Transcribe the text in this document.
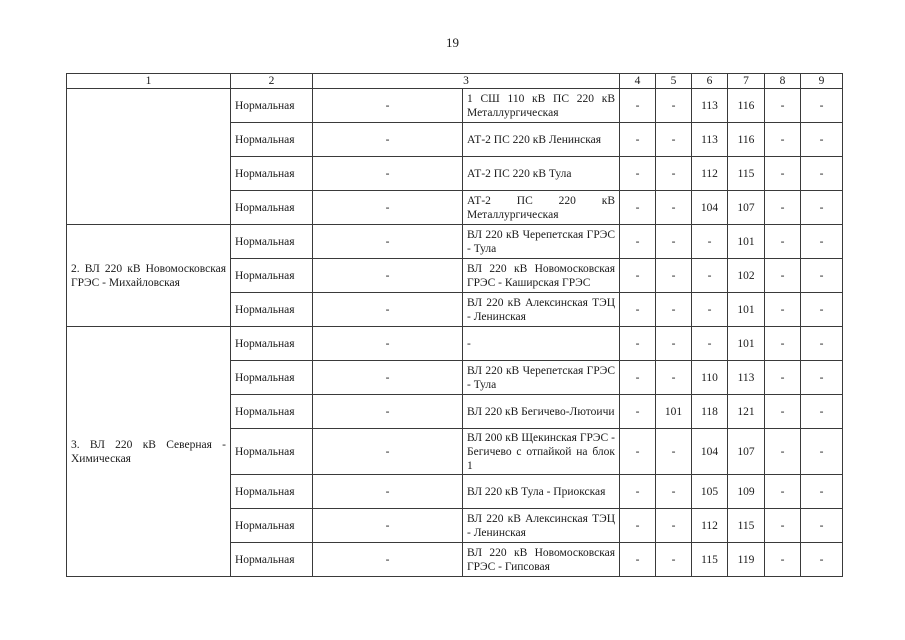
19
1	2	3		4	5	6	7	8	9
	Нормальная	-	1 СШ 110 кВ ПС 220 кВ Металлургическая	-	-	113	116	-	-
	Нормальная	-	АТ-2 ПС 220 кВ Ленинская	-	-	113	116	-	-
	Нормальная	-	АТ-2 ПС 220 кВ Тула	-	-	112	115	-	-
	Нормальная	-	АТ-2 ПС 220 кВ Металлургическая	-	-	104	107	-	-
2. ВЛ 220 кВ Новомосковская ГРЭС - Михайловская	Нормальная	-	ВЛ 220 кВ Черепетская ГРЭС - Тула	-	-	-	101	-	-
	Нормальная	-	ВЛ 220 кВ Новомосковская ГРЭС - Каширская ГРЭС	-	-	-	102	-	-
	Нормальная	-	ВЛ 220 кВ Алексинская ТЭЦ - Ленинская	-	-	-	101	-	-
3. ВЛ 220 кВ Северная - Химическая	Нормальная	-	-	-	-	-	101	-	-
	Нормальная	-	ВЛ 220 кВ Черепетская ГРЭС - Тула	-	-	110	113	-	-
	Нормальная	-	ВЛ 220 кВ Бегичево-Лютоичи	-	101	118	121	-	-
	Нормальная	-	ВЛ 200 кВ Щекинская ГРЭС - Бегичево с отпайкой на блок 1	-	-	104	107	-	-
	Нормальная	-	ВЛ 220 кВ Тула - Приокская	-	-	105	109	-	-
	Нормальная	-	ВЛ 220 кВ Алексинская ТЭЦ - Ленинская	-	-	112	115	-	-
	Нормальная	-	ВЛ 220 кВ Новомосковская ГРЭС - Гипсовая	-	-	115	119	-	-
